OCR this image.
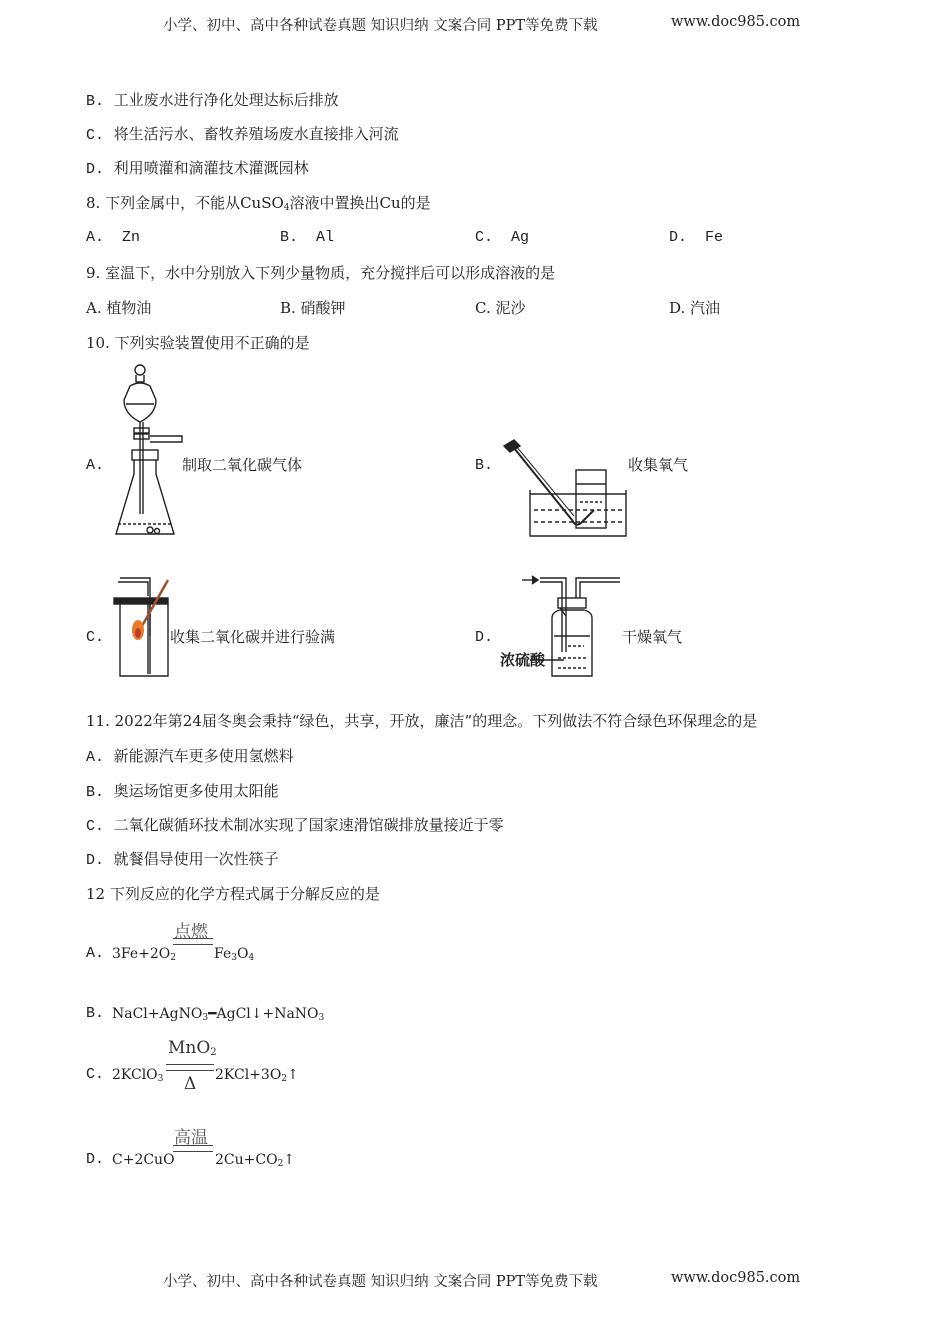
小学、初中、高中各种试卷真题 知识归纳 文案合同 PPT等免费下载	www.doc985.com
B. 工业废水进行净化处理达标后排放
C. 将生活污水、畜牧养殖场废水直接排入河流
D. 利用喷灌和滴灌技术灌溉园林
8. 下列金属中，不能从CuSO$_4$溶液中置换出Cu的是
A. Zn	B. Al	C. Ag	D. Fe
9. 室温下，水中分别放入下列少量物质，充分搅拌后可以形成溶液的是
A. 植物油	B. 硝酸钾	C. 泥沙	D. 汽油
10. 下列实验装置使用不正确的是
A.	制取二氧化碳气体	B.	收集氧气
C.	收集二氧化碳并进行验满	D.
浓硫酸
干燥氧气
11. 2022年第24届冬奥会秉持“绿色，共享，开放，廉洁”的理念。下列做法不符合绿色环保理念的是
A. 新能源汽车更多使用氢燃料
B. 奥运场馆更多使用太阳能
C. 二氧化碳循环技术制冰实现了国家速滑馆碳排放量接近于零
D. 就餐倡导使用一次性筷子
12 下列反应的化学方程式属于分解反应的是
A. $3Fe+2O_2$
点燃
$Fe_3O_4$
B. NaCl+AgNO$_3$━AgCl↓+NaNO$_3$
C. 2KClO$_3$
MnO$_2$
Δ $2KCl+3O_2↑$
D. C+2CuO
高温
$2Cu+CO_2↑$
小学、初中、高中各种试卷真题 知识归纳 文案合同 PPT等免费下载	www.doc985.com
